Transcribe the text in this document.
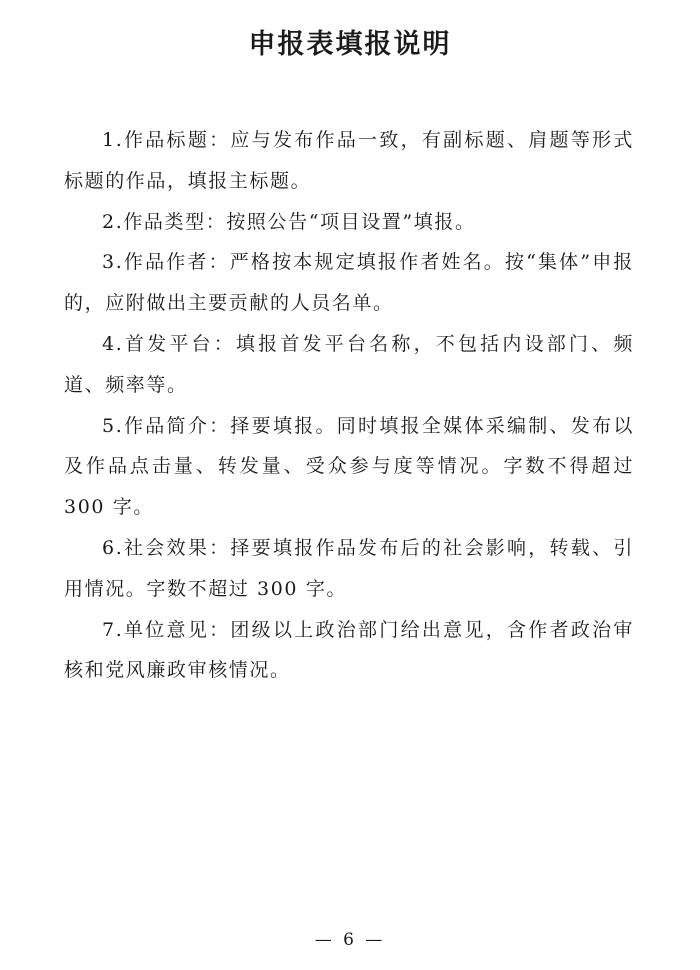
申报表填报说明

1.作品标题：应与发布作品一致，有副标题、肩题等形式标题的作品，填报主标题。

2.作品类型：按照公告“项目设置”填报。

3.作品作者：严格按本规定填报作者姓名。按“集体”申报的，应附做出主要贡献的人员名单。

4.首发平台：填报首发平台名称，不包括内设部门、频道、频率等。

5.作品简介：择要填报。同时填报全媒体采编制、发布以及作品点击量、转发量、受众参与度等情况。字数不得超过 300 字。

6.社会效果：择要填报作品发布后的社会影响，转载、引用情况。字数不超过 300 字。

7.单位意见：团级以上政治部门给出意见，含作者政治审核和党风廉政审核情况。

— 6 —
